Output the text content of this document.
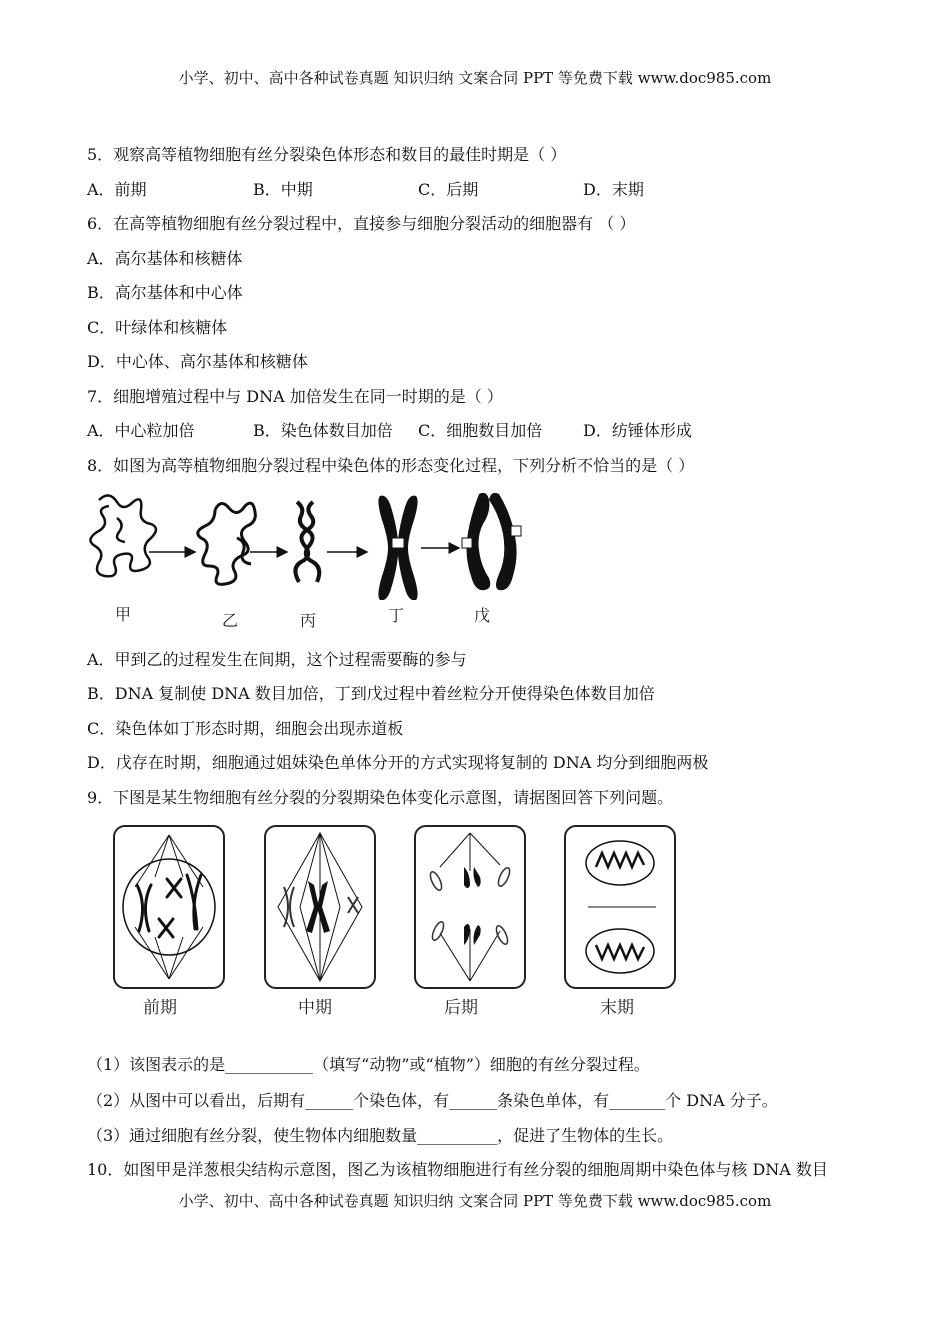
小学、初中、高中各种试卷真题 知识归纳 文案合同 PPT 等免费下载 www.doc985.com
5．观察高等植物细胞有丝分裂染色体形态和数目的最佳时期是（ ）
A．前期	B．中期	C．后期	D．末期
6．在高等植物细胞有丝分裂过程中，直接参与细胞分裂活动的细胞器有 （ ）
A．高尔基体和核糖体
B．高尔基体和中心体
C．叶绿体和核糖体
D．中心体、高尔基体和核糖体
7．细胞增殖过程中与 DNA 加倍发生在同一时期的是（ ）
A．中心粒加倍	B．染色体数目加倍 C．细胞数目加倍	D．纺锤体形成
8．如图为高等植物细胞分裂过程中染色体的形态变化过程，下列分析不恰当的是（ ）
甲	乙	丙	丁	戊
A．甲到乙的过程发生在间期，这个过程需要酶的参与
B．DNA 复制使 DNA 数目加倍，丁到戊过程中着丝粒分开使得染色体数目加倍
C．染色体如丁形态时期，细胞会出现赤道板
D．戊存在时期，细胞通过姐妹染色单体分开的方式实现将复制的 DNA 均分到细胞两极
9．下图是某生物细胞有丝分裂的分裂期染色体变化示意图，请据图回答下列问题。
前期	中期	后期	末期
（1）该图表示的是___________（填写“动物”或“植物”）细胞的有丝分裂过程。
（2）从图中可以看出，后期有______个染色体，有______条染色单体，有_______个 DNA 分子。
（3）通过细胞有丝分裂，使生物体内细胞数量__________，促进了生物体的生长。
10．如图甲是洋葱根尖结构示意图，图乙为该植物细胞进行有丝分裂的细胞周期中染色体与核 DNA 数目
小学、初中、高中各种试卷真题 知识归纳 文案合同 PPT 等免费下载 www.doc985.com
